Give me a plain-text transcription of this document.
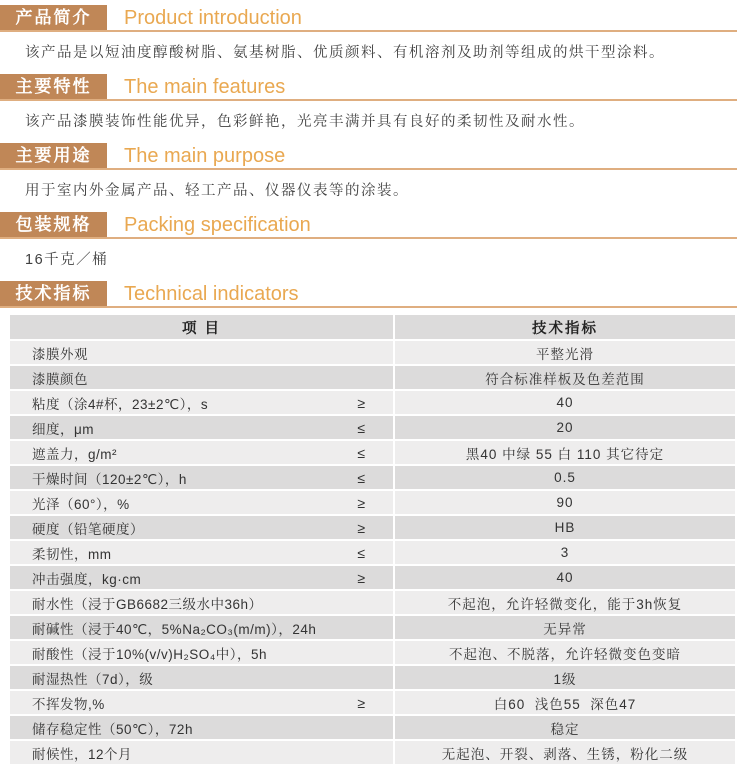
产品简介	Product introduction

该产品是以短油度醇酸树脂、氨基树脂、优质颜料、有机溶剂及助剂等组成的烘干型涂料。

主要特性	The main features

该产品漆膜装饰性能优异，色彩鲜艳，光亮丰满并具有良好的柔韧性及耐水性。

主要用途	The main purpose

用于室内外金属产品、轻工产品、仪器仪表等的涂装。

包装规格	Packing specification

16千克／桶

技术指标	Technical indicators
项 目	技术指标

漆膜外观	平整光滑

漆膜颜色	符合标准样板及色差范围

粘度（涂4#杯，23±2℃），s ≥	40

细度，μm ≤	20

遮盖力，g/m² ≤	黑40 中绿 55 白 110 其它待定

干燥时间（120±2℃），h ≤	0.5

光泽（60°），% ≥	90

硬度（铅笔硬度） ≥	HB

柔韧性，mm ≤	3

冲击强度，kg·cm ≥	40

耐水性（浸于GB6682三级水中36h）	不起泡，允许轻微变化，能于3h恢复

耐碱性（浸于40℃，5%Na₂CO₃(m/m)），24h	无异常

耐酸性（浸于10%(v/v)H₂SO₄中），5h	不起泡、不脱落，允许轻微变色变暗

耐湿热性（7d），级	1级

不挥发物,% ≥	白60  浅色55  深色47

储存稳定性（50℃），72h	稳定

耐候性，12个月	无起泡、开裂、剥落、生锈，粉化二级
